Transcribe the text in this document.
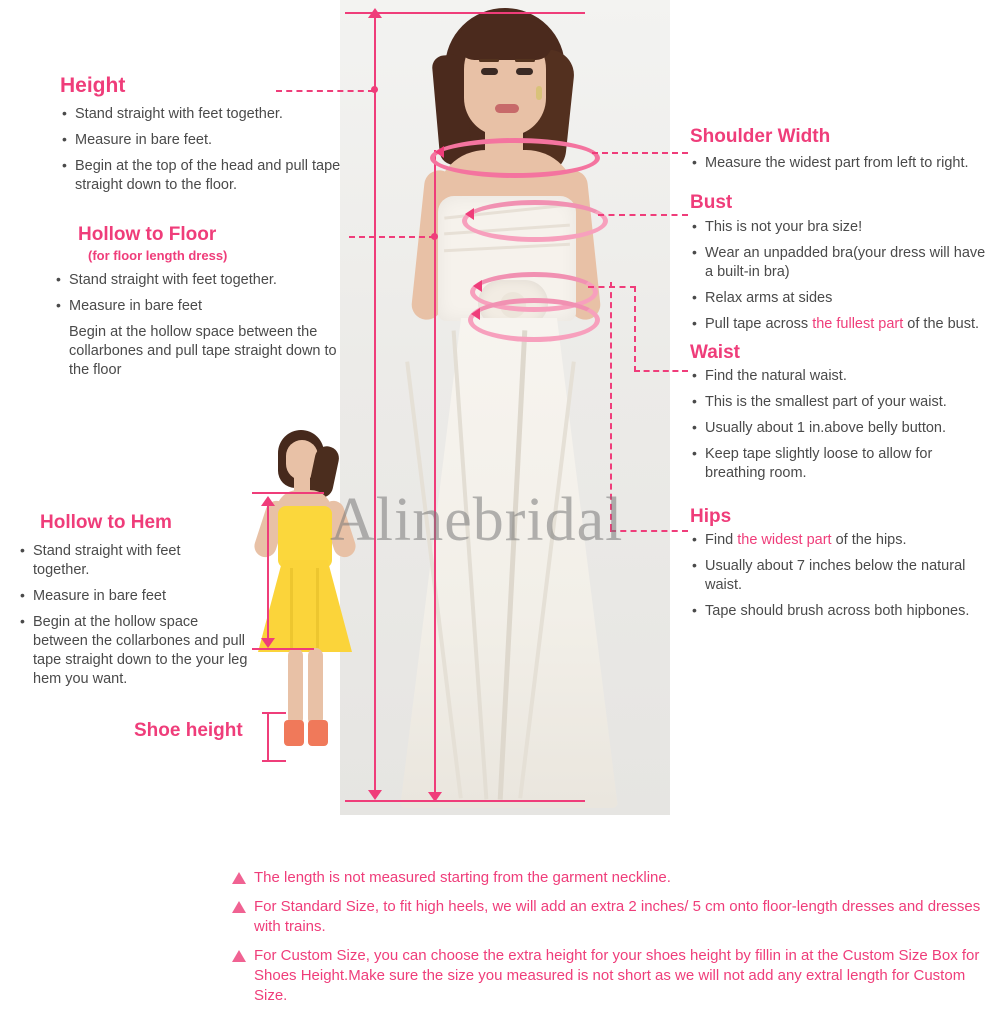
Height
• Stand straight with feet together.
• Measure in bare feet.
• Begin at the top of the head and pull tape straight down to the floor.
Hollow to Floor
(for floor length dress)
• Stand straight with feet together.
• Measure in bare feet
Begin at the hollow space between the collarbones and pull tape straight down to the floor
Hollow to Hem
• Stand straight with feet together.
• Measure in bare feet
• Begin at the hollow space between the collarbones and pull tape straight down to the your leg hem you want.
Shoe height
Shoulder Width
• Measure the widest part from left to right.
Bust
• This is not your bra size!
• Wear an unpadded bra(your dress will have a built-in bra)
• Relax arms at sides
• Pull tape across the fullest part of the bust.
Waist
• Find the natural waist.
• This is the smallest part of your waist.
• Usually about 1 in.above belly button.
• Keep tape slightly loose to allow for breathing room.
Hips
• Find the widest part of the hips.
• Usually about 7 inches below the natural waist.
• Tape should brush across both hipbones.
Alinebridal
The length is not measured starting from the garment neckline.
For Standard Size, to fit high heels, we will add an extra 2 inches/ 5 cm onto floor-length dresses and dresses with trains.
For Custom Size, you can choose the extra height for your shoes height by fillin in at the Custom Size Box for Shoes Height.Make sure the size you measured is not short as we will not add any extral length for Custom Size.
